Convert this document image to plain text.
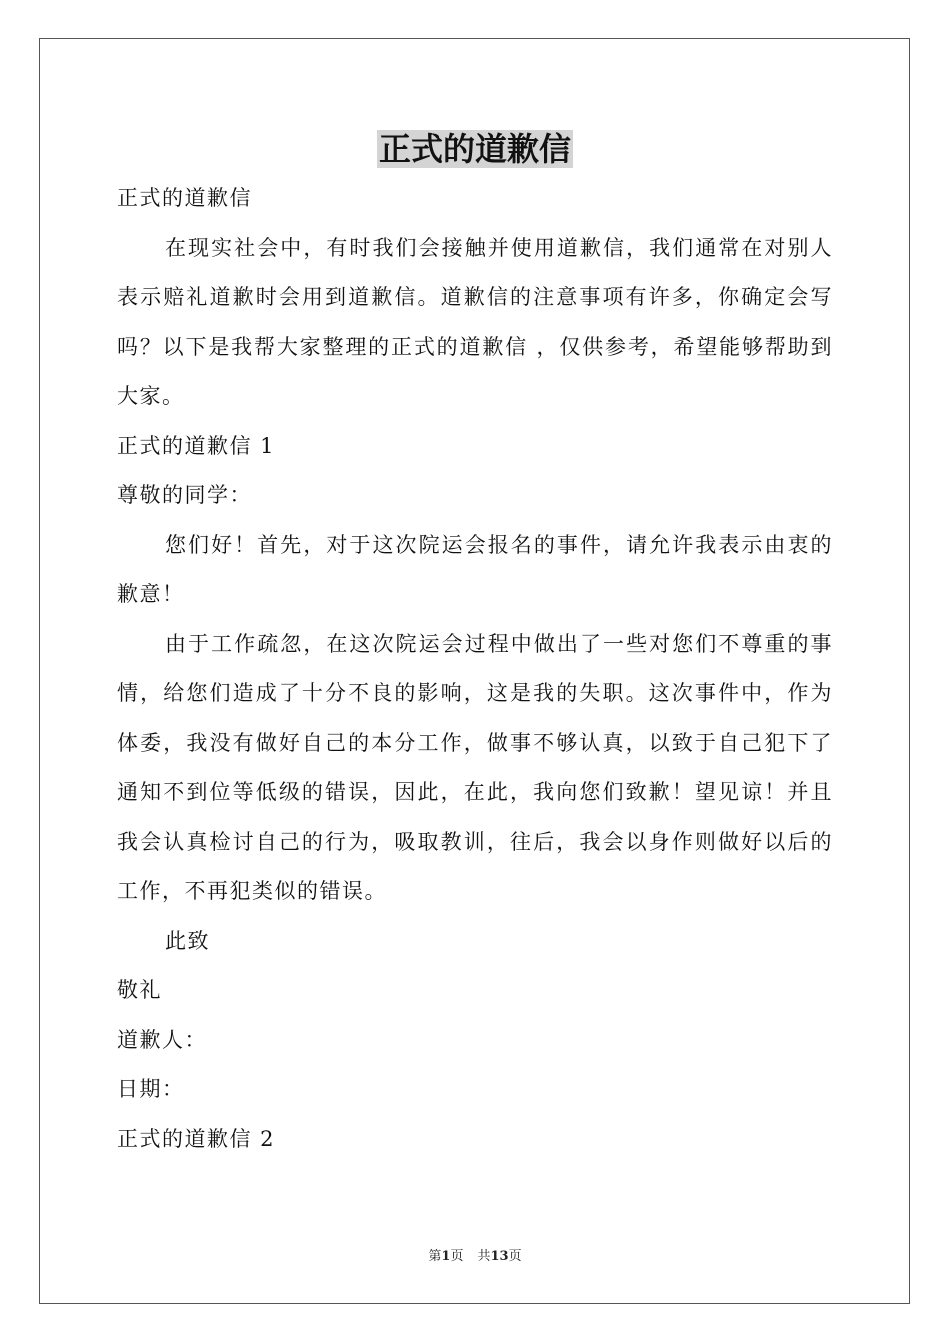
正式的道歉信

正式的道歉信

在现实社会中，有时我们会接触并使用道歉信，我们通常在对别人表示赔礼道歉时会用到道歉信。道歉信的注意事项有许多，你确定会写吗？以下是我帮大家整理的正式的道歉信 ，仅供参考，希望能够帮助到大家。

正式的道歉信 1

尊敬的同学：

您们好！首先，对于这次院运会报名的事件，请允许我表示由衷的歉意！

由于工作疏忽，在这次院运会过程中做出了一些对您们不尊重的事情，给您们造成了十分不良的影响，这是我的失职。这次事件中，作为体委，我没有做好自己的本分工作，做事不够认真，以致于自己犯下了通知不到位等低级的错误，因此，在此，我向您们致歉！望见谅！并且我会认真检讨自己的行为，吸取教训，往后，我会以身作则做好以后的工作，不再犯类似的错误。

此致

敬礼

道歉人：

日期：

正式的道歉信 2

第1页 共13页
